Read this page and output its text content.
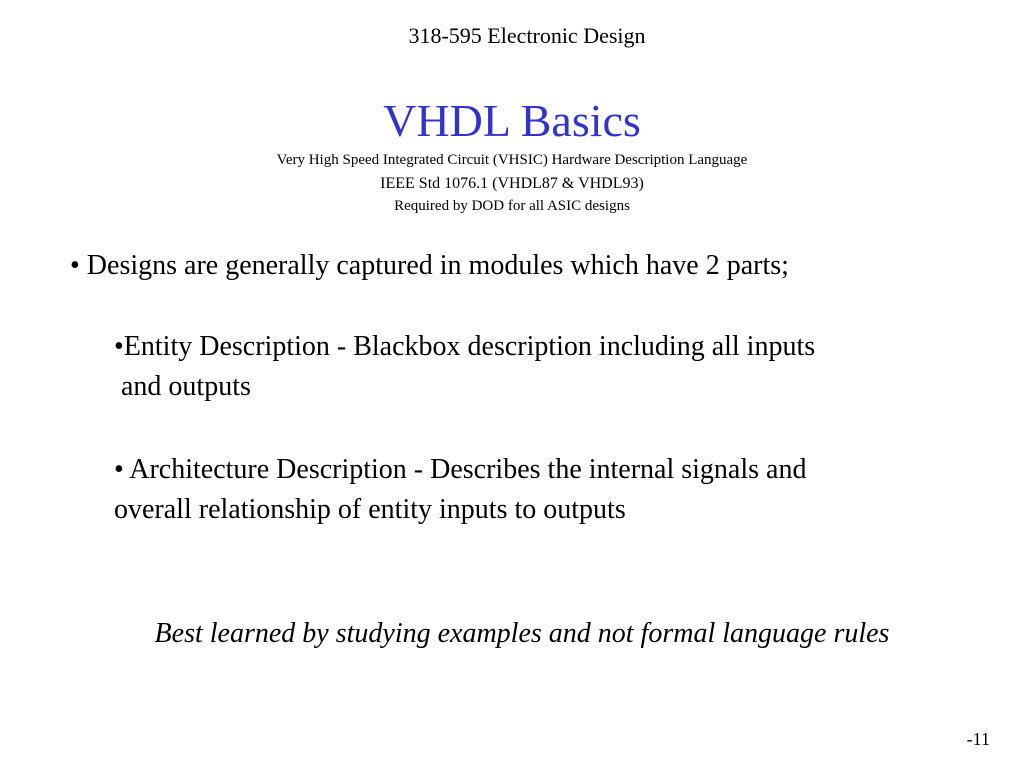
318-595 Electronic Design
VHDL Basics
Very High Speed Integrated Circuit (VHSIC) Hardware Description Language
IEEE Std 1076.1 (VHDL87 & VHDL93)
Required by DOD for all ASIC designs
• Designs are generally captured in modules which have 2 parts;
•Entity Description - Blackbox description including all inputs
and outputs
• Architecture Description - Describes the internal signals and
overall relationship of entity inputs to outputs
Best learned by studying examples and not formal language rules
-11
